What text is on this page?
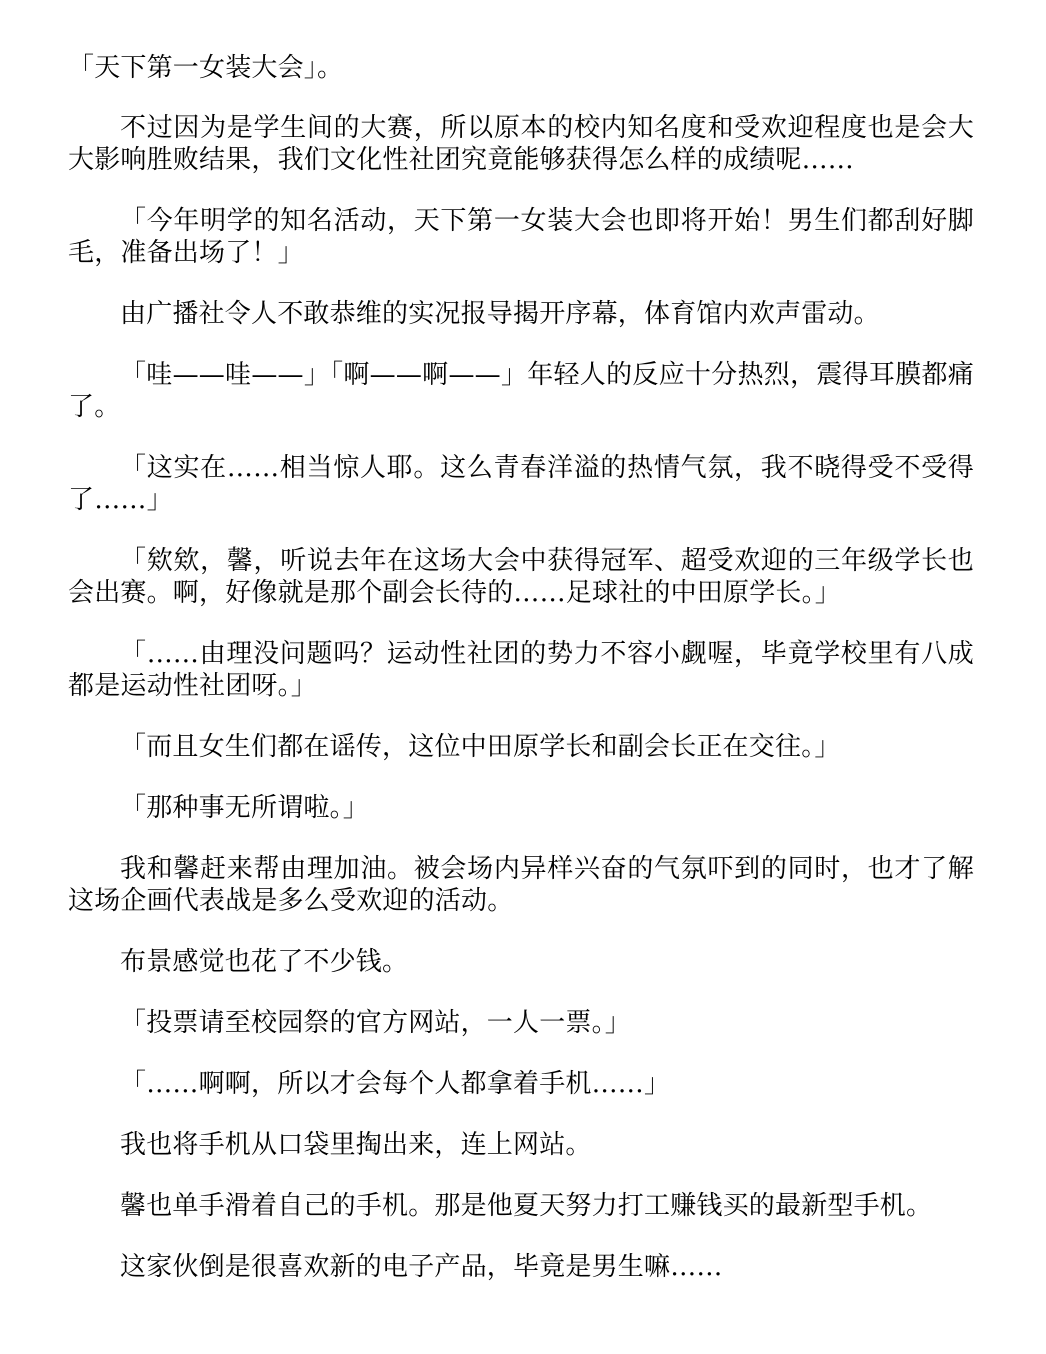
「天下第一女装大会」。

不过因为是学生间的大赛，所以原本的校内知名度和受欢迎程度也是会大大影响胜败结果，我们文化性社团究竟能够获得怎么样的成绩呢……

「今年明学的知名活动，天下第一女装大会也即将开始！男生们都刮好脚毛，准备出场了！」

由广播社令人不敢恭维的实况报导揭开序幕，体育馆内欢声雷动。

「哇——哇——」「啊——啊——」年轻人的反应十分热烈，震得耳膜都痛了。

「这实在……相当惊人耶。这么青春洋溢的热情气氛，我不晓得受不受得了……」

「欸欸，馨，听说去年在这场大会中获得冠军、超受欢迎的三年级学长也会出赛。啊，好像就是那个副会长待的……足球社的中田原学长。」

「……由理没问题吗？运动性社团的势力不容小觑喔，毕竟学校里有八成都是运动性社团呀。」

「而且女生们都在谣传，这位中田原学长和副会长正在交往。」

「那种事无所谓啦。」

我和馨赶来帮由理加油。被会场内异样兴奋的气氛吓到的同时，也才了解这场企画代表战是多么受欢迎的活动。

布景感觉也花了不少钱。

「投票请至校园祭的官方网站，一人一票。」

「……啊啊，所以才会每个人都拿着手机……」

我也将手机从口袋里掏出来，连上网站。

馨也单手滑着自己的手机。那是他夏天努力打工赚钱买的最新型手机。

这家伙倒是很喜欢新的电子产品，毕竟是男生嘛……
